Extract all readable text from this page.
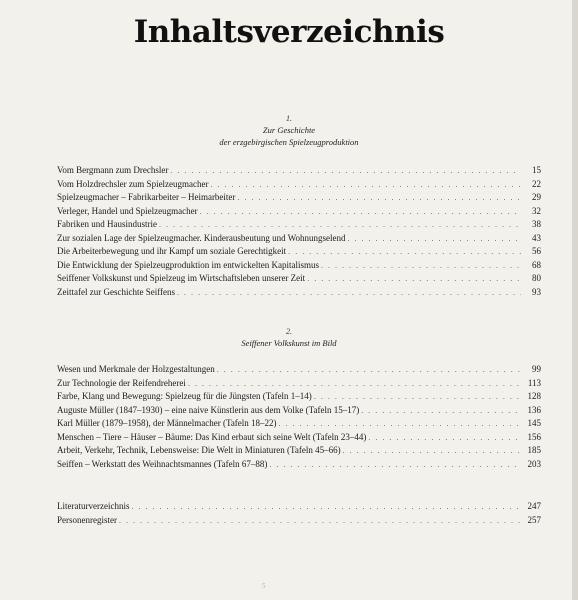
Inhaltsverzeichnis
1.
Zur Geschichte
der erzgebirgischen Spielzeugproduktion
Vom Bergmann zum Drechsler . . .	15
Vom Holzdrechsler zum Spielzeugmacher . . .	22
Spielzeugmacher – Fabrikarbeiter – Heimarbeiter . . .	29
Verleger, Handel und Spielzeugmacher . . .	32
Fabriken und Hausindustrie . . .	38
Zur sozialen Lage der Spielzeugmacher. Kinderausbeutung und Wohnungselend . . .	43
Die Arbeiterbewegung und ihr Kampf um soziale Gerechtigkeit . . .	56
Die Entwicklung der Spielzeugproduktion im entwickelten Kapitalismus . . .	68
Seiffener Volkskunst und Spielzeug im Wirtschaftsleben unserer Zeit . . .	80
Zeittafel zur Geschichte Seiffens . . .	93
2.
Seiffener Volkskunst im Bild
Wesen und Merkmale der Holzgestaltungen . . .	99
Zur Technologie der Reifendreherei . . .	113
Farbe, Klang und Bewegung: Spielzeug für die Jüngsten (Tafeln 1–14) . . .	128
Auguste Müller (1847–1930) – eine naive Künstlerin aus dem Volke (Tafeln 15–17) . . .	136
Karl Müller (1879–1958), der Männelmacher (Tafeln 18–22) . . .	145
Menschen – Tiere – Häuser – Bäume: Das Kind erbaut sich seine Welt (Tafeln 23–44) . . .	156
Arbeit, Verkehr, Technik, Lebensweise: Die Welt in Miniaturen (Tafeln 45–66) . . .	185
Seiffen – Werkstatt des Weihnachtsmannes (Tafeln 67–88) . . .	203
Literaturverzeichnis . . .	247
Personenregister . . .	257
5
